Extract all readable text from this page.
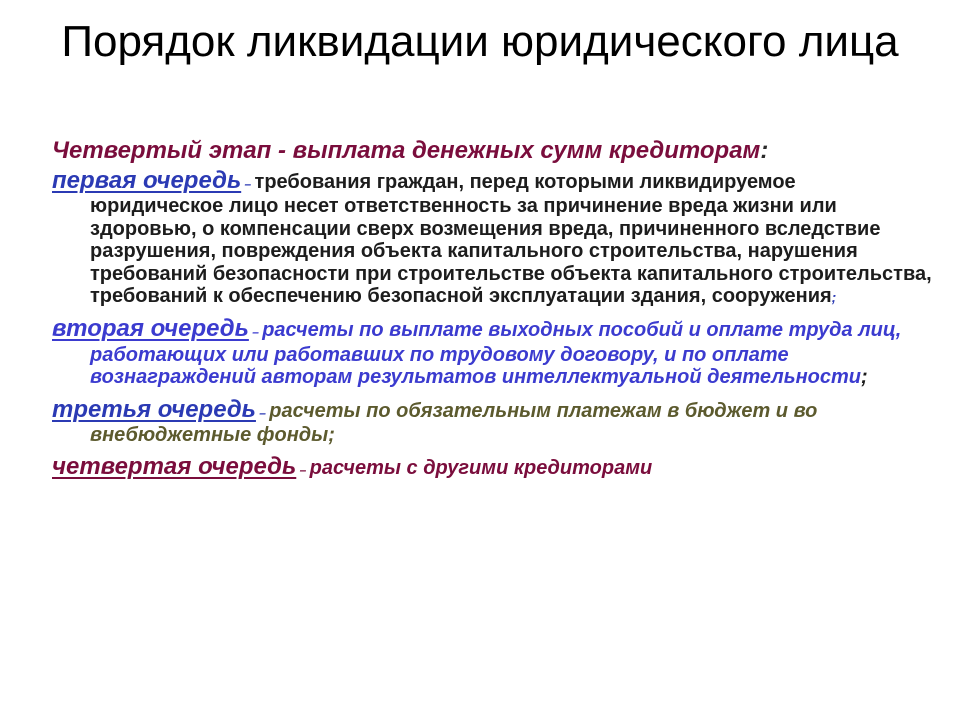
Порядок ликвидации юридического лица
Четвертый этап - выплата денежных сумм кредиторам:
первая очередь – требования граждан, перед которыми ликвидируемое юридическое лицо несет ответственность за причинение вреда жизни или здоровью, о компенсации сверх возмещения вреда, причиненного вследствие разрушения, повреждения объекта капитального строительства, нарушения требований безопасности при строительстве объекта капитального строительства, требований к обеспечению безопасной эксплуатации здания, сооружения;
вторая очередь – расчеты по выплате выходных пособий и оплате труда лиц, работающих или работавших по трудовому договору, и по оплате вознаграждений авторам результатов интеллектуальной деятельности;
третья очередь – расчеты по обязательным платежам в бюджет и во внебюджетные фонды;
четвертая очередь – расчеты с другими кредиторами
